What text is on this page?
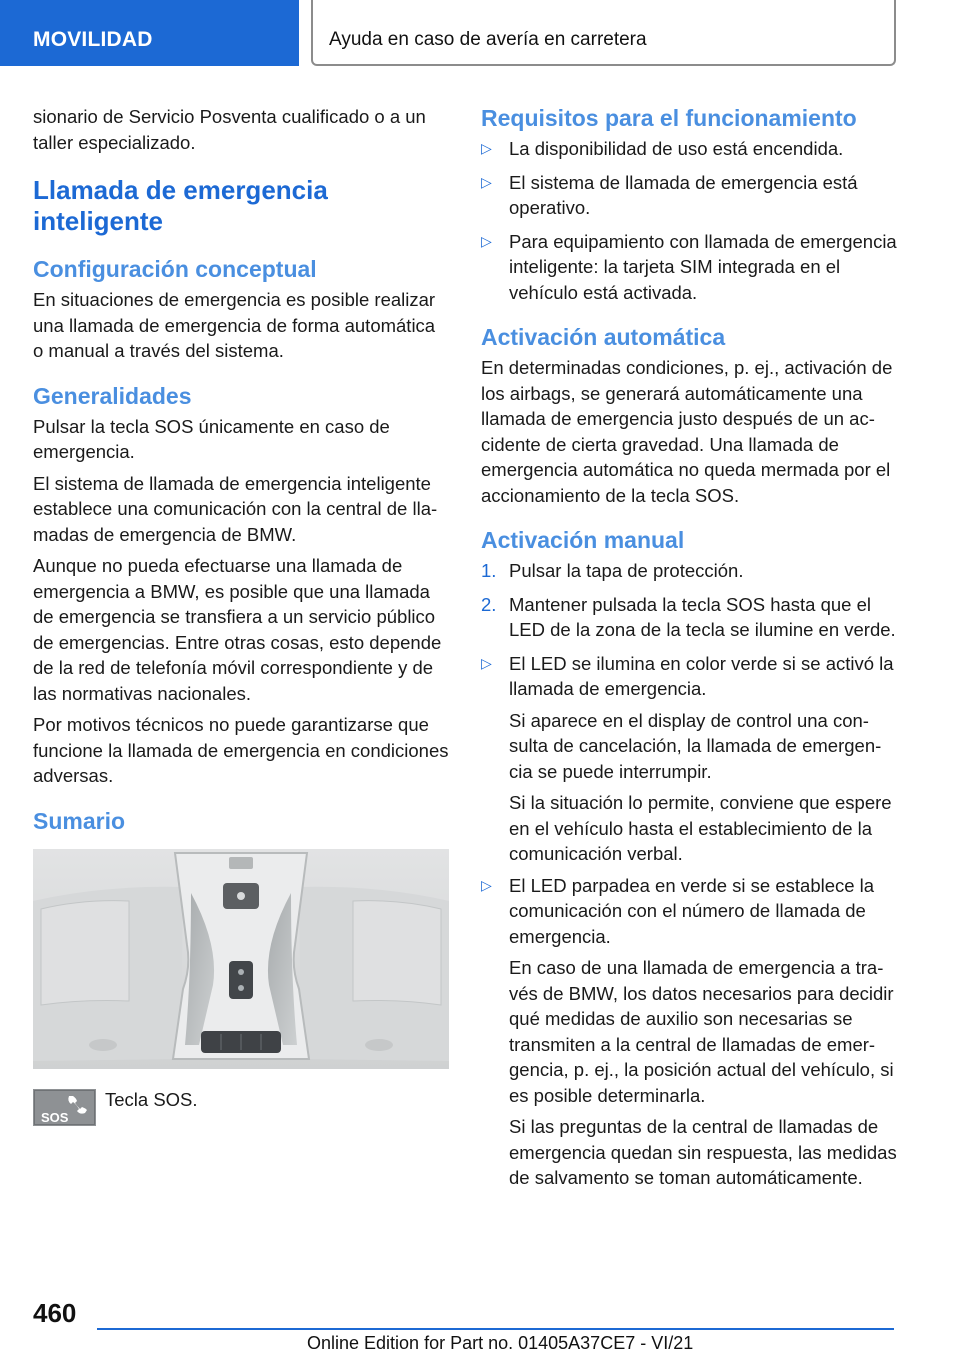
MOVILIDAD	Ayuda en caso de avería en carretera

sionario de Servicio Posventa cualificado o a un taller especializado.

Llamada de emergencia inteligente
Configuración conceptual

En situaciones de emergencia es posible realizar una llamada de emergencia de forma automática o manual a través del sistema.

Generalidades

Pulsar la tecla SOS únicamente en caso de emergencia.

El sistema de llamada de emergencia inteligente establece una comunicación con la central de llamadas de emergencia de BMW.

Aunque no pueda efectuarse una llamada de emergencia a BMW, es posible que una llamada de emergencia se transfiera a un servicio público de emergencias. Entre otras cosas, esto depende de la red de telefonía móvil correspondiente y de las normativas nacionales.

Por motivos técnicos no puede garantizarse que funcione la llamada de emergencia en condiciones adversas.

Sumario
SOS
Tecla SOS.
Requisitos para el funcionamiento
▷ La disponibilidad de uso está encendida.
▷ El sistema de llamada de emergencia está operativo.
▷ Para equipamiento con llamada de emergencia inteligente: la tarjeta SIM integrada en el vehículo está activada.
Activación automática

En determinadas condiciones, p. ej., activación de los airbags, se generará automáticamente una llamada de emergencia justo después de un accidente de cierta gravedad. Una llamada de emergencia automática no queda mermada por el accionamiento de la tecla SOS.

Activación manual
1. Pulsar la tapa de protección.
2. Mantener pulsada la tecla SOS hasta que el LED de la zona de la tecla se ilumine en verde.
▷ El LED se ilumina en color verde si se activó la llamada de emergencia.

Si aparece en el display de control una consulta de cancelación, la llamada de emergencia se puede interrumpir.

Si la situación lo permite, conviene que espere en el vehículo hasta el establecimiento de la comunicación verbal.

▷ El LED parpadea en verde si se establece la comunicación con el número de llamada de emergencia.

En caso de una llamada de emergencia a través de BMW, los datos necesarios para decidir qué medidas de auxilio son necesarias se transmiten a la central de llamadas de emergencia, p. ej., la posición actual del vehículo, si es posible determinarla.

Si las preguntas de la central de llamadas de emergencia quedan sin respuesta, las medidas de salvamento se toman automáticamente.

460
Online Edition for Part no. 01405A37CE7 - VI/21
